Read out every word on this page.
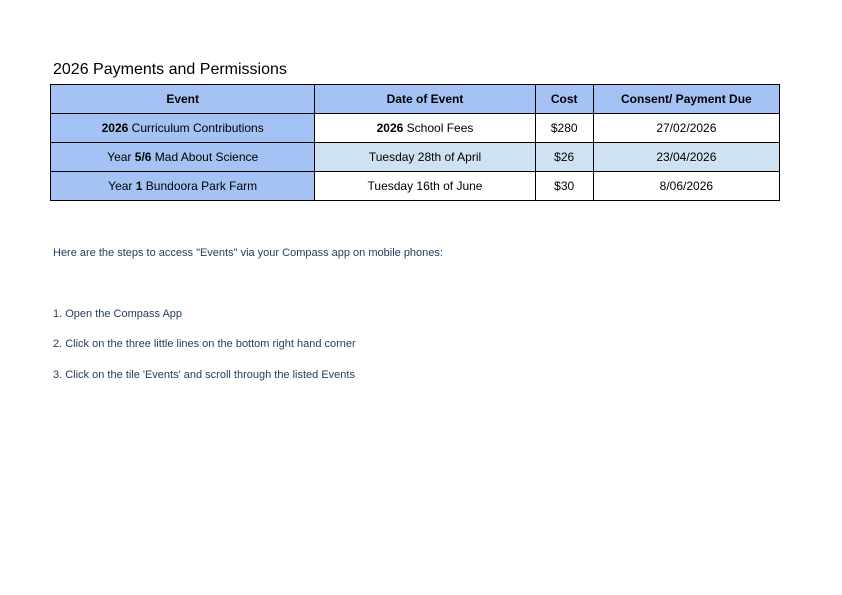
2026 Payments and Permissions
Event	Date of Event	Cost	Consent/ Payment Due
2026 Curriculum Contributions	2026 School Fees	$280	27/02/2026
Year 5/6 Mad About Science	Tuesday 28th of April	$26	23/04/2026
Year 1 Bundoora Park Farm	Tuesday 16th of June	$30	8/06/2026
Here are the steps to access "Events" via your Compass app on mobile phones:
1. Open the Compass App
2. Click on the three little lines on the bottom right hand corner
3. Click on the tile 'Events' and scroll through the listed Events
